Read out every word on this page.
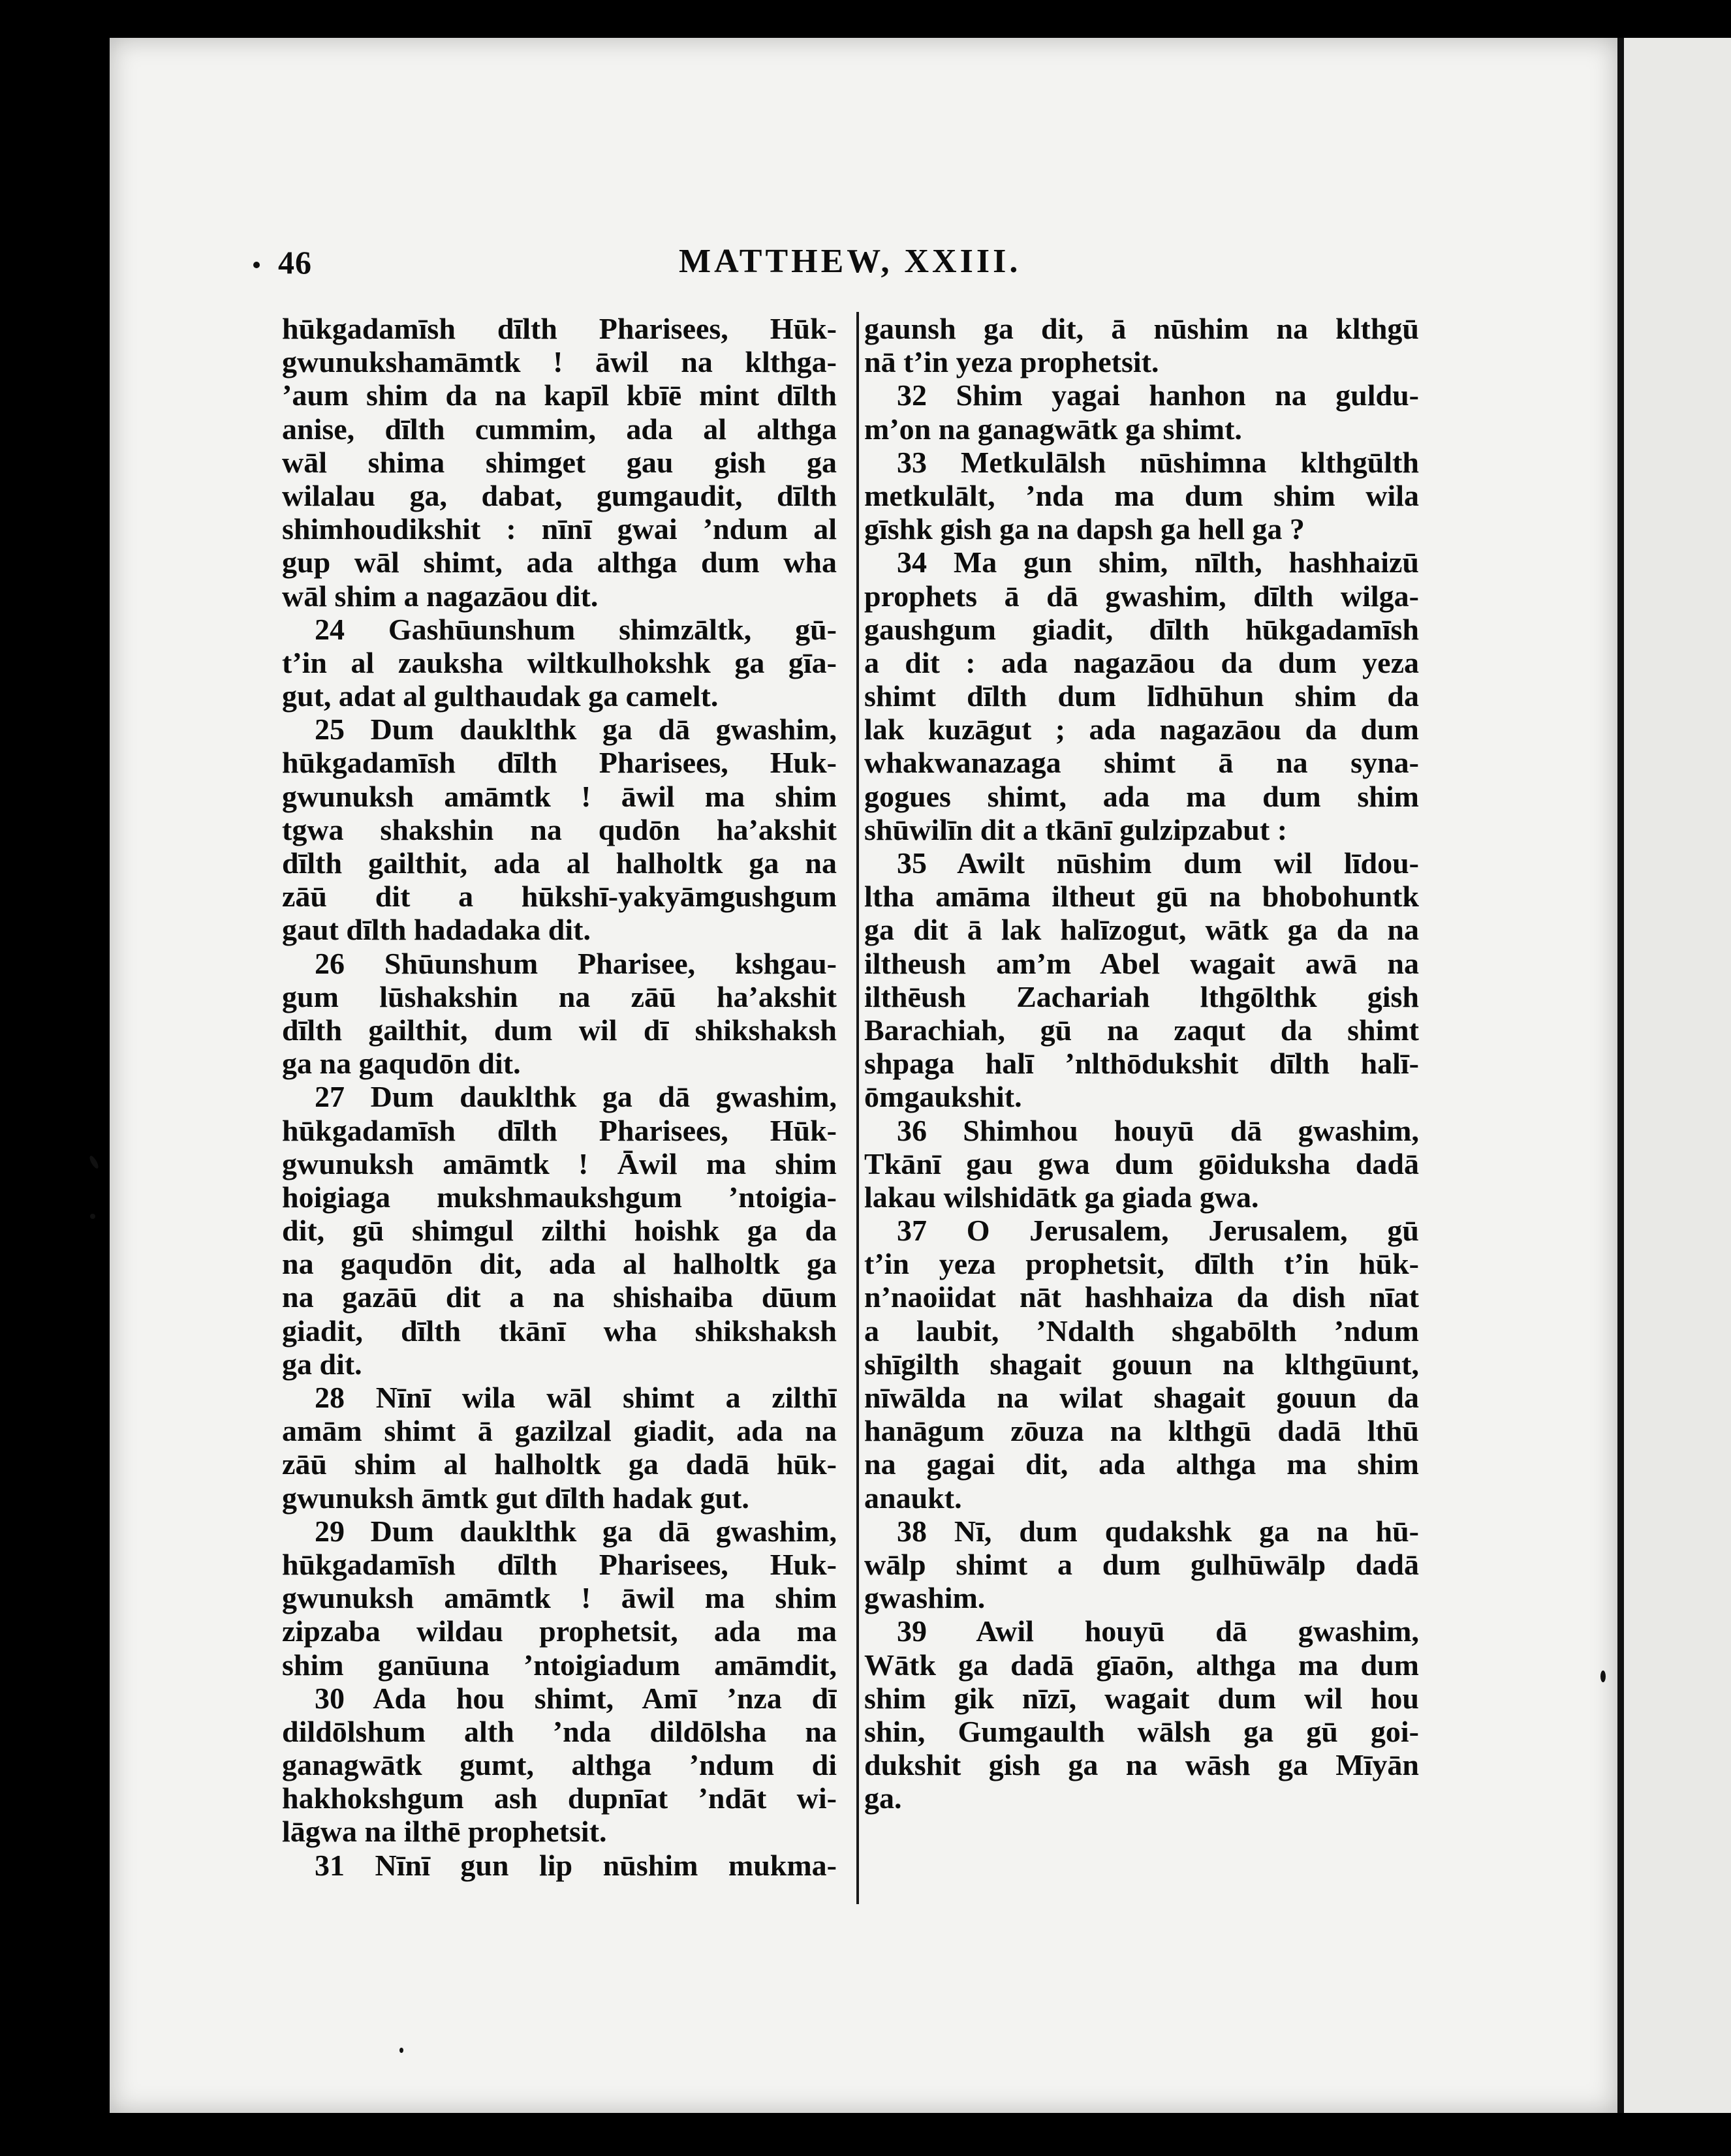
46	MATTHEW, XXIII.
hūkgadamīsh dīlth Pharisees, Hūk-
gwunukshamāmtk ! āwil na klthga-
’aum shim da na kapīl kbīē mint dīlth
anise, dīlth cummim, ada al althga
wāl shima shimget gau gish ga
wilalau ga, dabat, gumgaudit, dīlth
shimhoudikshit : nīnī gwai ’ndum al
gup wāl shimt, ada althga dum wha
wāl shim a nagazāou dit.
24 Gashūunshum shimzāltk, gū-
t’in al zauksha wiltkulhokshk ga gīa-
gut, adat al gulthaudak ga camelt.
25 Dum dauklthk ga dā gwashim,
hūkgadamīsh dīlth Pharisees, Huk-
gwunuksh amāmtk ! āwil ma shim
tgwa shakshin na qudōn ha’akshit
dīlth gailthit, ada al halholtk ga na
zāū dit a hūkshī-yakyāmgushgum
gaut dīlth hadadaka dit.
26 Shūunshum Pharisee, kshgau-
gum lūshakshin na zāū ha’akshit
dīlth gailthit, dum wil dī shikshaksh
ga na gaqudōn dit.
27 Dum dauklthk ga dā gwashim,
hūkgadamīsh dīlth Pharisees, Hūk-
gwunuksh amāmtk ! Āwil ma shim
hoigiaga mukshmaukshgum ’ntoigia-
dit, gū shimgul zilthi hoishk ga da
na gaqudōn dit, ada al halholtk ga
na gazāū dit a na shishaiba dūum
giadit, dīlth tkānī wha shikshaksh
ga dit.
28 Nīnī wila wāl shimt a zilthī
amām shimt ā gazilzal giadit, ada na
zāū shim al halholtk ga dadā hūk-
gwunuksh āmtk gut dīlth hadak gut.
29 Dum dauklthk ga dā gwashim,
hūkgadamīsh dīlth Pharisees, Huk-
gwunuksh amāmtk ! āwil ma shim
zipzaba wildau prophetsit, ada ma
shim ganūuna ’ntoigiadum amāmdit,
30 Ada hou shimt, Amī ’nza dī
dildōlshum alth ’nda dildōlsha na
ganagwātk gumt, althga ’ndum di
hakhokshgum ash dupnīat ’ndāt wi-
lāgwa na ilthē prophetsit.
31 Nīnī gun lip nūshim mukma-
gaunsh ga dit, ā nūshim na klthgū
nā t’in yeza prophetsit.
32 Shim yagai hanhon na guldu-
m’on na ganagwātk ga shimt.
33 Metkulālsh nūshimna klthgūlth
metkulālt, ’nda ma dum shim wila
gīshk gish ga na dapsh ga hell ga ?
34 Ma gun shim, nīlth, hashhaizū
prophets ā dā gwashim, dīlth wilga-
gaushgum giadit, dīlth hūkgadamīsh
a dit : ada nagazāou da dum yeza
shimt dīlth dum līdhūhun shim da
lak kuzāgut ; ada nagazāou da dum
whakwanazaga shimt ā na syna-
gogues shimt, ada ma dum shim
shūwilīn dit a tkānī gulzipzabut :
35 Awilt nūshim dum wil līdou-
ltha amāma iltheut gū na bhobohuntk
ga dit ā lak halīzogut, wātk ga da na
iltheush am’m Abel wagait awā na
ilthēush Zachariah lthgōlthk gish
Barachiah, gū na zaqut da shimt
shpaga halī ’nlthōdukshit dīlth halī-
ōmgaukshit.
36 Shimhou houyū dā gwashim,
Tkānī gau gwa dum gōiduksha dadā
lakau wilshidātk ga giada gwa.
37 O Jerusalem, Jerusalem, gū
t’in yeza prophetsit, dīlth t’in hūk-
n’naoiidat nāt hashhaiza da dish nīat
a laubit, ’Ndalth shgabōlth ’ndum
shīgilth shagait gouun na klthgūunt,
nīwālda na wilat shagait gouun da
hanāgum zōuza na klthgū dadā lthū
na gagai dit, ada althga ma shim
anaukt.
38 Nī, dum qudakshk ga na hū-
wālp shimt a dum gulhūwālp dadā
gwashim.
39 Awil houyū dā gwashim,
Wātk ga dadā gīaōn, althga ma dum
shim gik nīzī, wagait dum wil hou
shin, Gumgaulth wālsh ga gū goi-
dukshit gish ga na wāsh ga Mīyān
ga.
